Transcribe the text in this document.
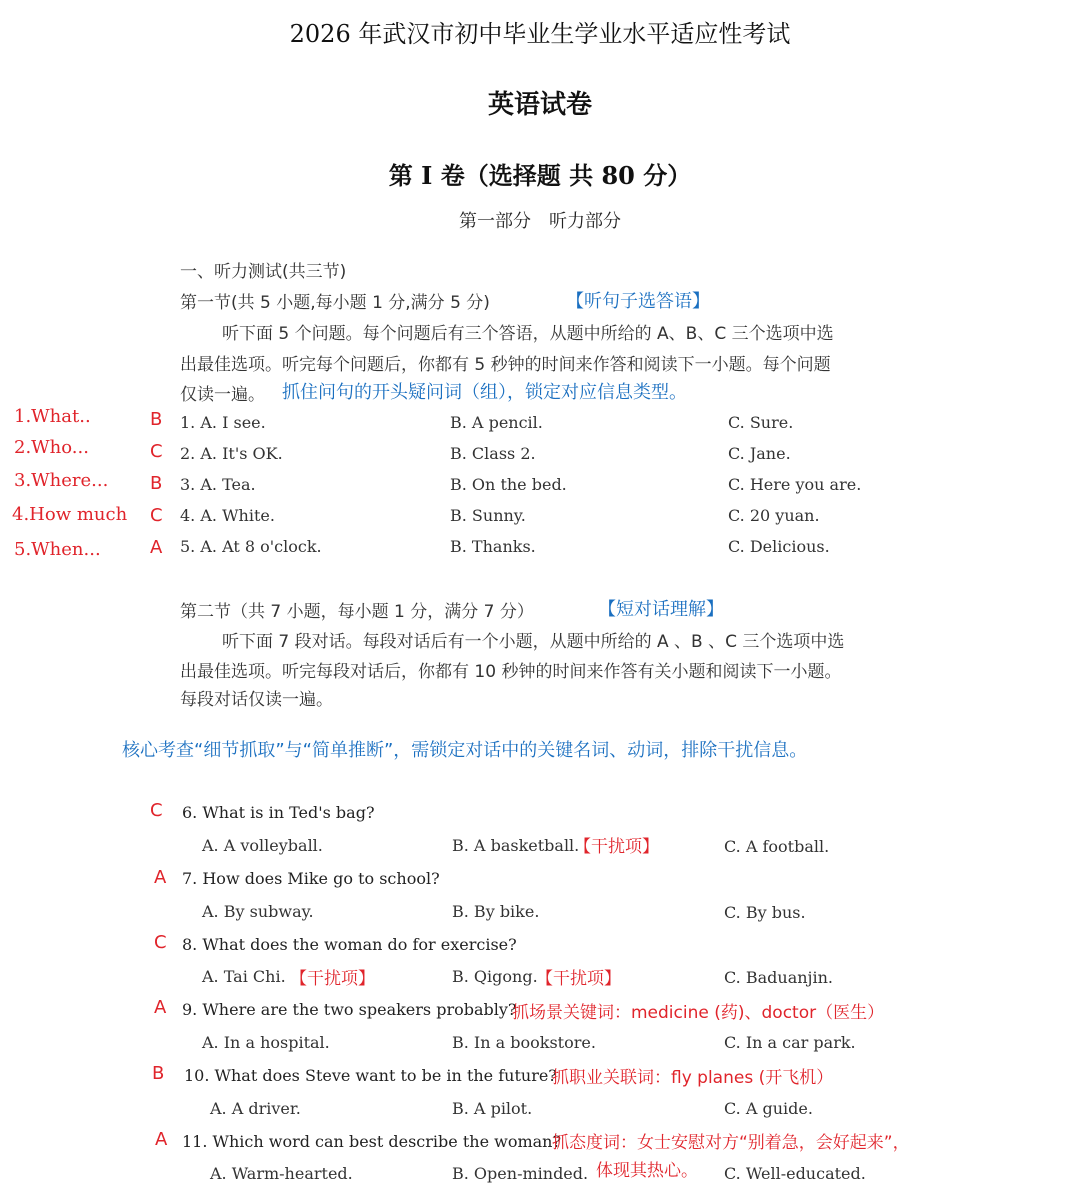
2026 年武汉市初中毕业生学业水平适应性考试
英语试卷
第 I 卷（选择题 共 80 分）
第一部分　听力部分
一、听力测试(共三节)
第一节(共 5 小题,每小题 1 分,满分 5 分)	【听句子选答语】
听下面 5 个问题。每个问题后有三个答语，从题中所给的 A、B、C 三个选项中选
出最佳选项。听完每个问题后，你都有 5 秒钟的时间来作答和阅读下一小题。每个问题
仅读一遍。 抓住问句的开头疑问词（组），锁定对应信息类型。
1.What..	B 1. A. I see.	B. A pencil.	C. Sure.
2.Who...	C 2. A. It's OK.	B. Class 2.	C. Jane.
3.Where... B 3. A. Tea.	B. On the bed.	C. Here you are.
4.How much C 4. A. White.	B. Sunny.	C. 20 yuan.
5.When...	A 5. A. At 8 o'clock.	B. Thanks.	C. Delicious.
第二节（共 7 小题，每小题 1 分，满分 7 分）	【短对话理解】
听下面 7 段对话。每段对话后有一个小题，从题中所给的 A 、B 、C 三个选项中选
出最佳选项。听完每段对话后，你都有 10 秒钟的时间来作答有关小题和阅读下一小题。
每段对话仅读一遍。
核心考查“细节抓取”与“简单推断”，需锁定对话中的关键名词、动词，排除干扰信息。
C 6. What is in Ted's bag?
A. A volleyball.	B. A basketball.
【干扰项】	C. A football.
A 7. How does Mike go to school?
A. By subway.	B. By bike.	C. By bus.
C 8. What does the woman do for exercise?
A. Tai Chi. 【干扰项】	B. Qigong.
【干扰项】	C. Baduanjin.
A 9. Where are the two speakers probably?
抓场景关键词：medicine (药)、doctor（医生）
A. In a hospital.	B. In a bookstore.	C. In a car park.
B 10. What does Steve want to be in the future?
抓职业关联词：fly planes (开飞机）
A. A driver.	B. A pilot.	C. A guide.
A 11. Which word can best describe the woman?
抓态度词：女士安慰对方“别着急，会好起来”，
体现其热心。
A. Warm-hearted.	B. Open-minded.	C. Well-educated.
